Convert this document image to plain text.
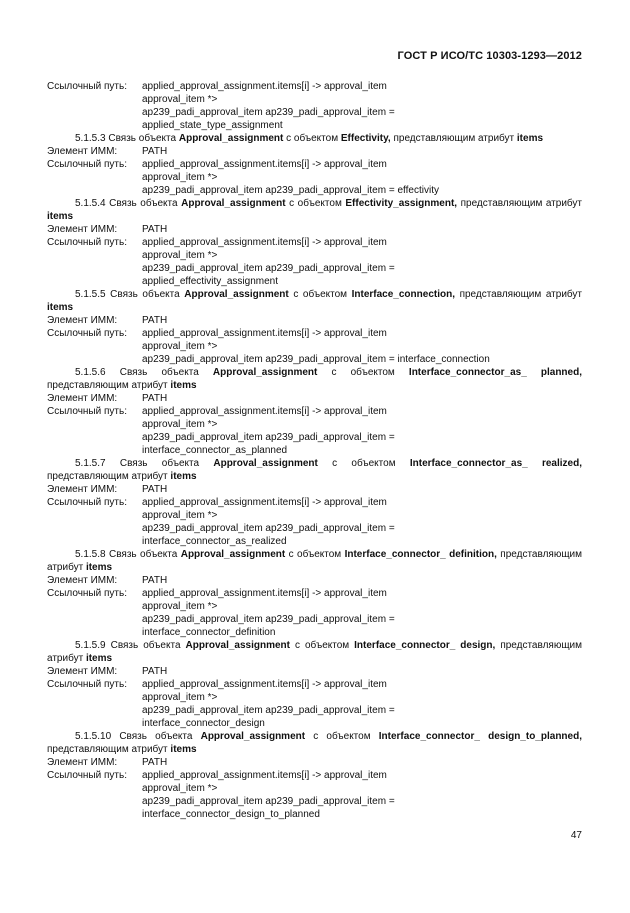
ГОСТ Р ИСО/ТС 10303-1293—2012
Ссылочный путь:	applied_approval_assignment.items[i] -> approval_item
approval_item *>
ap239_padi_approval_item ap239_padi_approval_item =
applied_state_type_assignment
5.1.5.3 Связь объекта Approval_assignment с объектом Effectivity, представляющим атрибут items
Элемент ИММ:	PATH
Ссылочный путь:	applied_approval_assignment.items[i] -> approval_item
approval_item *>
ap239_padi_approval_item ap239_padi_approval_item = effectivity
5.1.5.4 Связь объекта Approval_assignment с объектом Effectivity_assignment, представляющим атрибут items
Элемент ИММ:	PATH
Ссылочный путь:	applied_approval_assignment.items[i] -> approval_item
approval_item *>
ap239_padi_approval_item ap239_padi_approval_item =
applied_effectivity_assignment
5.1.5.5 Связь объекта Approval_assignment с объектом Interface_connection, представляющим атрибут items
Элемент ИММ:	PATH
Ссылочный путь:	applied_approval_assignment.items[i] -> approval_item
approval_item *>
ap239_padi_approval_item ap239_padi_approval_item = interface_connection
5.1.5.6 Связь объекта Approval_assignment с объектом Interface_connector_as_ planned, представляющим атрибут items
Элемент ИММ:	PATH
Ссылочный путь:	applied_approval_assignment.items[i] -> approval_item
approval_item *>
ap239_padi_approval_item ap239_padi_approval_item =
interface_connector_as_planned
5.1.5.7 Связь объекта Approval_assignment с объектом Interface_connector_as_ realized, представляющим атрибут items
Элемент ИММ:	PATH
Ссылочный путь:	applied_approval_assignment.items[i] -> approval_item
approval_item *>
ap239_padi_approval_item ap239_padi_approval_item =
interface_connector_as_realized
5.1.5.8 Связь объекта Approval_assignment с объектом Interface_connector_ definition, представляющим атрибут items
Элемент ИММ:	PATH
Ссылочный путь:	applied_approval_assignment.items[i] -> approval_item
approval_item *>
ap239_padi_approval_item ap239_padi_approval_item =
interface_connector_definition
5.1.5.9 Связь объекта Approval_assignment с объектом Interface_connector_ design, представляющим атрибут items
Элемент ИММ:	PATH
Ссылочный путь:	applied_approval_assignment.items[i] -> approval_item
approval_item *>
ap239_padi_approval_item ap239_padi_approval_item =
interface_connector_design
5.1.5.10 Связь объекта Approval_assignment с объектом Interface_connector_ design_to_planned, представляющим атрибут items
Элемент ИММ:	PATH
Ссылочный путь:	applied_approval_assignment.items[i] -> approval_item
approval_item *>
ap239_padi_approval_item ap239_padi_approval_item =
interface_connector_design_to_planned
47
